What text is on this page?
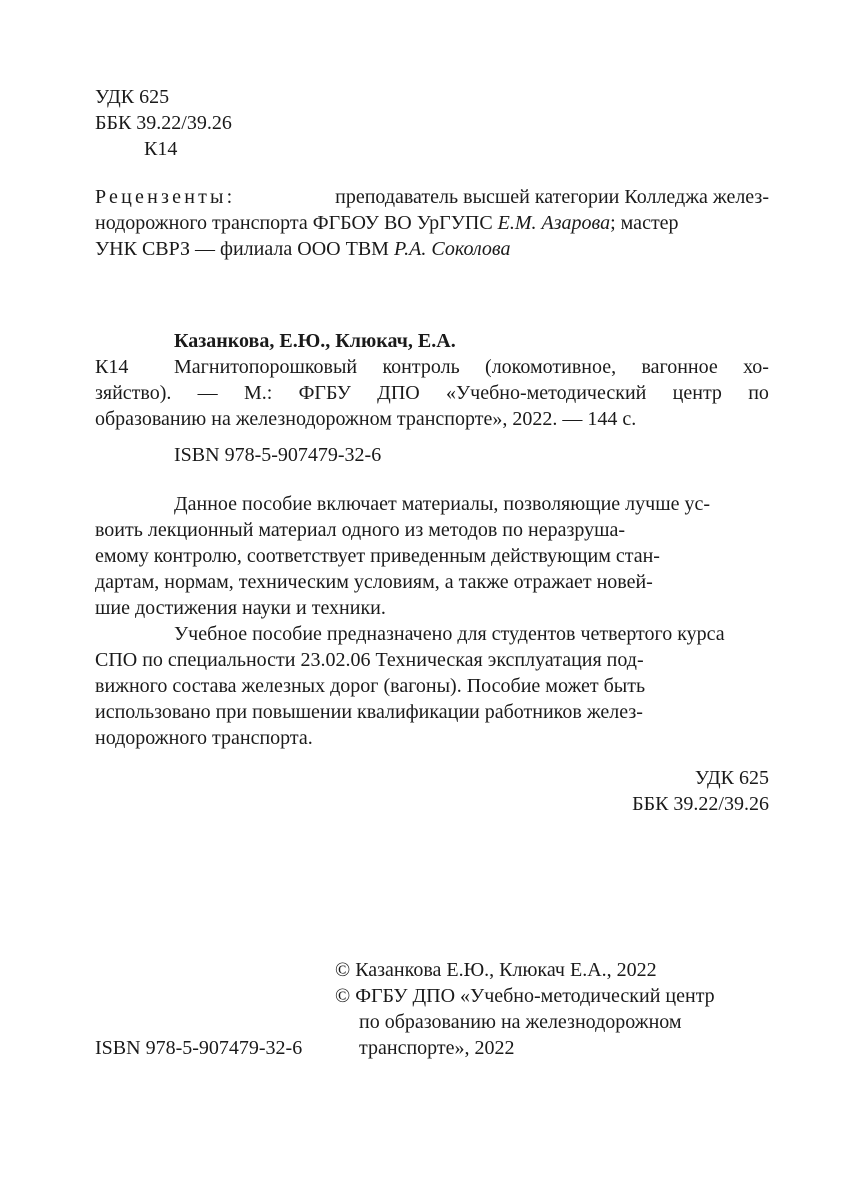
УДК 625
ББК 39.22/39.26
К14
Рецензенты:	преподаватель высшей категории Колледжа желез-
нодорожного транспорта ФГБОУ ВО УрГУПС Е.М. Азарова; мастер
УНК СВРЗ — филиала ООО ТВМ Р.А. Соколова
Казанкова, Е.Ю., Клюкач, Е.А.
К14 Магнитопорошковый контроль (локомотивное, вагонное хо-
зяйство). — М.: ФГБУ ДПО «Учебно-методический центр по
образованию на железнодорожном транспорте», 2022. — 144 с.
ISBN 978-5-907479-32-6
Данное пособие включает материалы, позволяющие лучше ус-
воить лекционный материал одного из методов по неразруша-
емому контролю, соответствует приведенным действующим стан-
дартам, нормам, техническим условиям, а также отражает новей-
шие достижения науки и техники.
Учебное пособие предназначено для студентов четвертого курса
СПО по специальности 23.02.06 Техническая эксплуатация под-
вижного состава железных дорог (вагоны). Пособие может быть
использовано при повышении квалификации работников желез-
нодорожного транспорта.
УДК 625
ББК 39.22/39.26
© Казанкова Е.Ю., Клюкач Е.А., 2022
© ФГБУ ДПО «Учебно-методический центр
по образованию на железнодорожном
транспорте», 2022
ISBN 978-5-907479-32-6
